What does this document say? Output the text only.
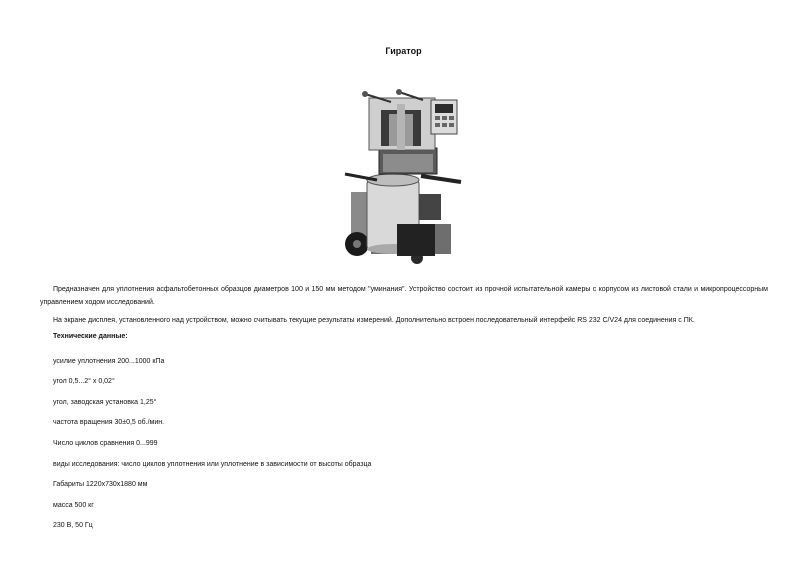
Гиратор
Предназначен для уплотнения асфальтобетонных образцов диаметров 100 и 150 мм методом "уминания". Устройство состоит из прочной испытательной камеры с корпусом из листовой стали и микропроцессорным управлением ходом исследований.
На экране дисплея, установленного над устройством, можно считывать текущие результаты измерений. Дополнительно встроен последовательный интерфейс RS 232 C/V24 для соединения с ПК.
Технические данные:
усилие уплотнения 200...1000 кПа
угол 0,5...2° x 0,02°
угол, заводская установка 1,25°
частота вращения 30±0,5 об./мин.
Число циклов сравнения 0...999
виды исследования: число циклов уплотнения или уплотнение в зависимости от высоты образца
Габариты 1220x730x1880 мм
масса 500 кг
230 В, 50 Гц
